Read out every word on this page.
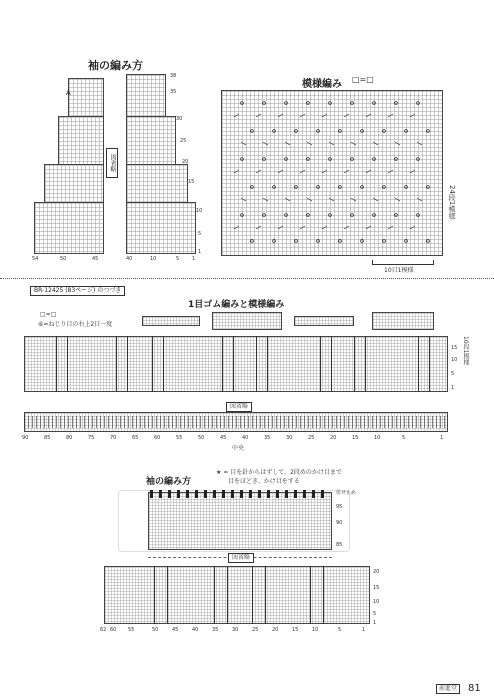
袖の編み方
A
図省略
38
35
30
25
20
15
10
5
1
54	50	45	40	10	5	1
模様編み □=□
24段1模様
10目1模様
BR-12425 (83ページ) のつづき
1目ゴム編みと模様編み
□=□
⑥=ねじり目の右上2目一度
10段1模様
15
10
5
1
図省略
90	85	80	75	70	65	60	55	50	45	40	35	30	25	20	15	10	5	1
中央
袖の編み方
★ = 目を針からはずして、2段めのかけ目まで
目をほどき、かけ目をする
伏せ止め
95
90
85
図省略
20
15
10
5
1
62 60 55	50	45	40	35	30	25	20	15	10	5	1
前進堂	81
